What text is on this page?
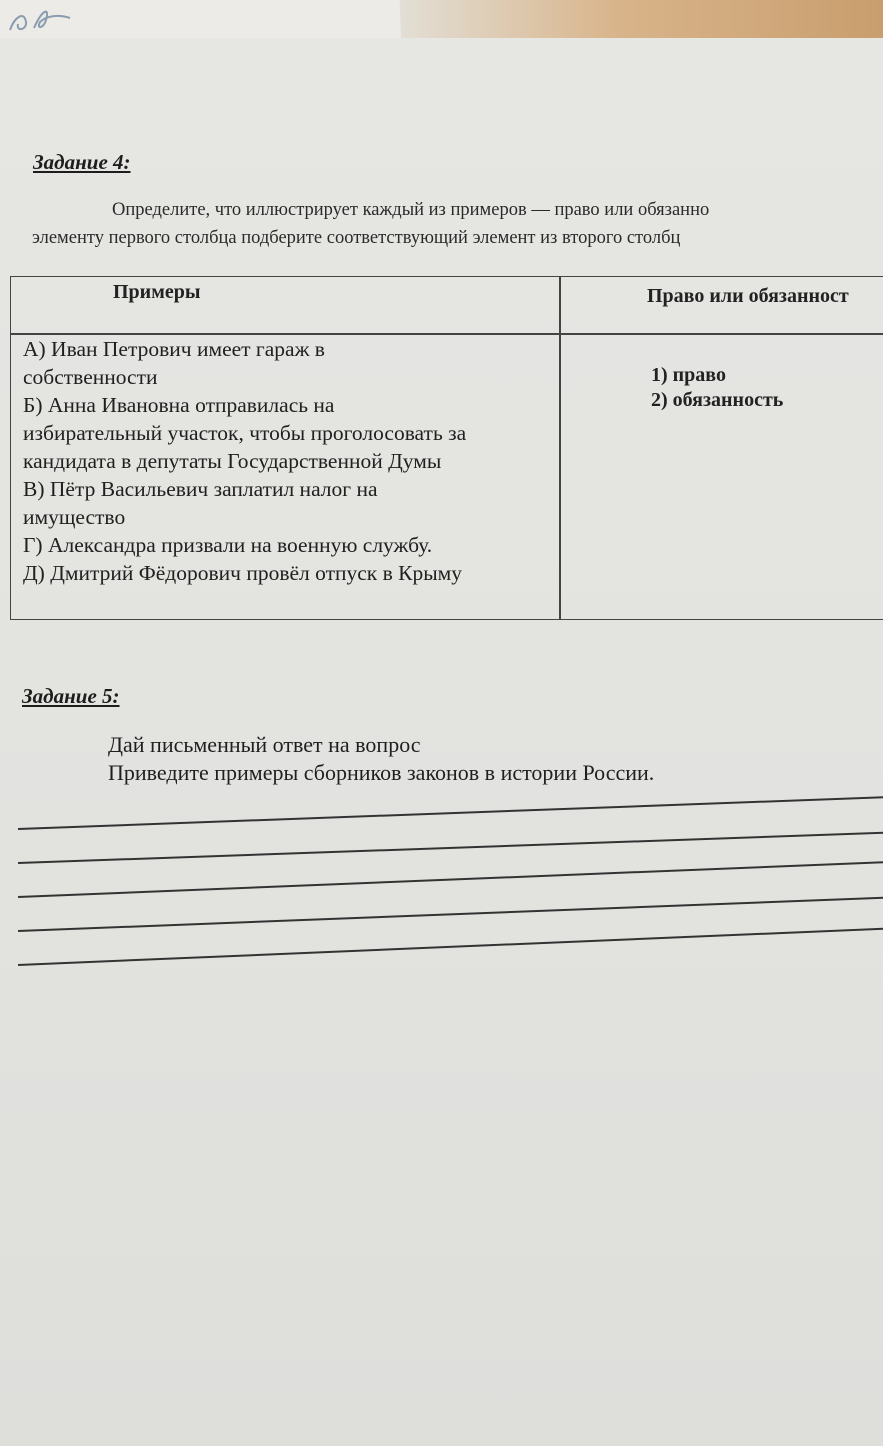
Задание 4:
Определите, что иллюстрирует каждый из примеров — право или обязанно
элементу первого столбца подберите соответствующий элемент из второго столбц
Примеры	Право или обязанност
А) Иван Петрович имеет гараж в
собственности
Б) Анна Ивановна отправилась на
избирательный участок, чтобы проголосовать за
кандидата в депутаты Государственной Думы
В) Пётр Васильевич заплатил налог на
имущество
Г) Александра призвали на военную службу.
Д) Дмитрий Фёдорович провёл отпуск в Крыму
1) право
2) обязанность
Задание 5:
Дай письменный ответ на вопрос
Приведите примеры сборников законов в истории России.
